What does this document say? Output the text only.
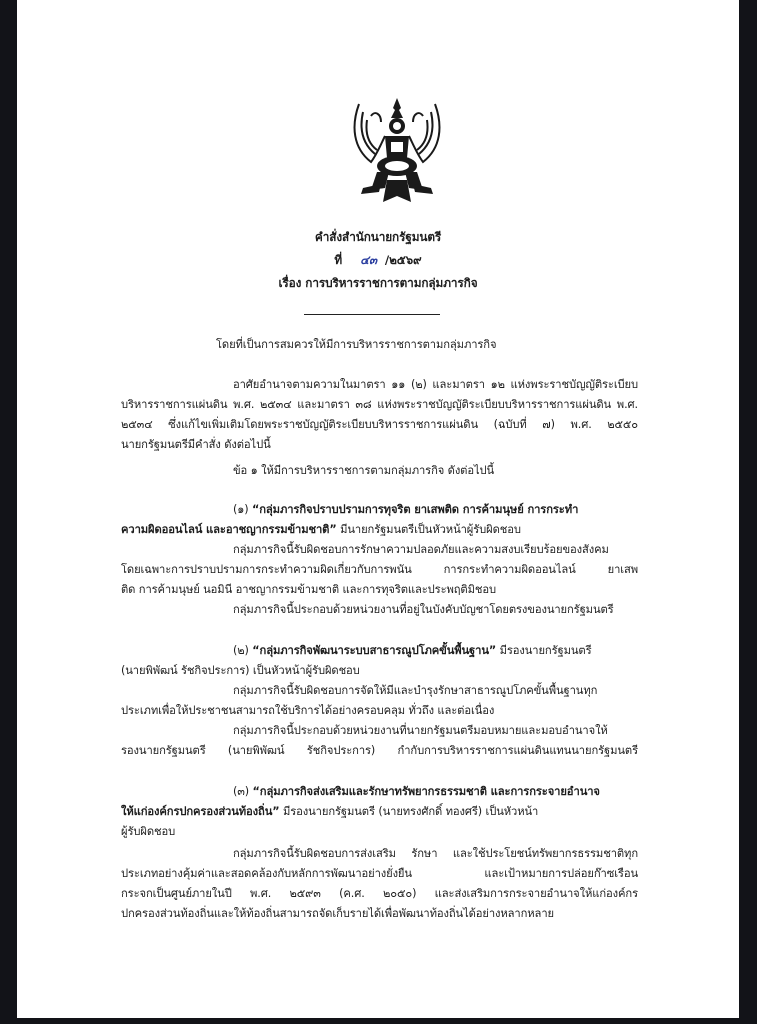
คำสั่งสำนักนายกรัฐมนตรี
ที่ ๔๓ /๒๕๖๙
เรื่อง การบริหารราชการตามกลุ่มภารกิจ
โดยที่เป็นการสมควรให้มีการบริหารราชการตามกลุ่มภารกิจ
อาศัยอำนาจตามความในมาตรา ๑๑ (๒) และมาตรา ๑๒ แห่งพระราชบัญญัติระเบียบ
บริหารราชการแผ่นดิน พ.ศ. ๒๕๓๔ และมาตรา ๓๘ แห่งพระราชบัญญัติระเบียบบริหารราชการแผ่นดิน พ.ศ.
๒๕๓๔ ซึ่งแก้ไขเพิ่มเติมโดยพระราชบัญญัติระเบียบบริหารราชการแผ่นดิน (ฉบับที่ ๗) พ.ศ. ๒๕๕๐
นายกรัฐมนตรีมีคำสั่ง ดังต่อไปนี้
ข้อ ๑ ให้มีการบริหารราชการตามกลุ่มภารกิจ ดังต่อไปนี้
(๑) “กลุ่มภารกิจปราบปรามการทุจริต ยาเสพติด การค้ามนุษย์ การกระทำ
ความผิดออนไลน์ และอาชญากรรมข้ามชาติ” มีนายกรัฐมนตรีเป็นหัวหน้าผู้รับผิดชอบ
กลุ่มภารกิจนี้รับผิดชอบการรักษาความปลอดภัยและความสงบเรียบร้อยของสังคม
โดยเฉพาะการปราบปรามการกระทำความผิดเกี่ยวกับการพนัน การกระทำความผิดออนไลน์ ยาเสพ
ติด การค้ามนุษย์ นอมินี อาชญากรรมข้ามชาติ และการทุจริตและประพฤติมิชอบ
กลุ่มภารกิจนี้ประกอบด้วยหน่วยงานที่อยู่ในบังคับบัญชาโดยตรงของนายกรัฐมนตรี
(๒) “กลุ่มภารกิจพัฒนาระบบสาธารณูปโภคขั้นพื้นฐาน” มีรองนายกรัฐมนตรี
(นายพิพัฒน์ รัชกิจประการ) เป็นหัวหน้าผู้รับผิดชอบ
กลุ่มภารกิจนี้รับผิดชอบการจัดให้มีและบำรุงรักษาสาธารณูปโภคขั้นพื้นฐานทุก
ประเภทเพื่อให้ประชาชนสามารถใช้บริการได้อย่างครอบคลุม ทั่วถึง และต่อเนื่อง
กลุ่มภารกิจนี้ประกอบด้วยหน่วยงานที่นายกรัฐมนตรีมอบหมายและมอบอำนาจให้
รองนายกรัฐมนตรี (นายพิพัฒน์ รัชกิจประการ) กำกับการบริหารราชการแผ่นดินแทนนายกรัฐมนตรี
(๓) “กลุ่มภารกิจส่งเสริมและรักษาทรัพยากรธรรมชาติ และการกระจายอำนาจ
ให้แก่องค์กรปกครองส่วนท้องถิ่น” มีรองนายกรัฐมนตรี (นายทรงศักดิ์ ทองศรี) เป็นหัวหน้า
ผู้รับผิดชอบ
กลุ่มภารกิจนี้รับผิดชอบการส่งเสริม รักษา และใช้ประโยชน์ทรัพยากรธรรมชาติทุก
ประเภทอย่างคุ้มค่าและสอดคล้องกับหลักการพัฒนาอย่างยั่งยืน และเป้าหมายการปล่อยก๊าซเรือน
กระจกเป็นศูนย์ภายในปี พ.ศ. ๒๕๙๓ (ค.ศ. ๒๐๕๐) และส่งเสริมการกระจายอำนาจให้แก่องค์กร
ปกครองส่วนท้องถิ่นและให้ท้องถิ่นสามารถจัดเก็บรายได้เพื่อพัฒนาท้องถิ่นได้อย่างหลากหลาย
